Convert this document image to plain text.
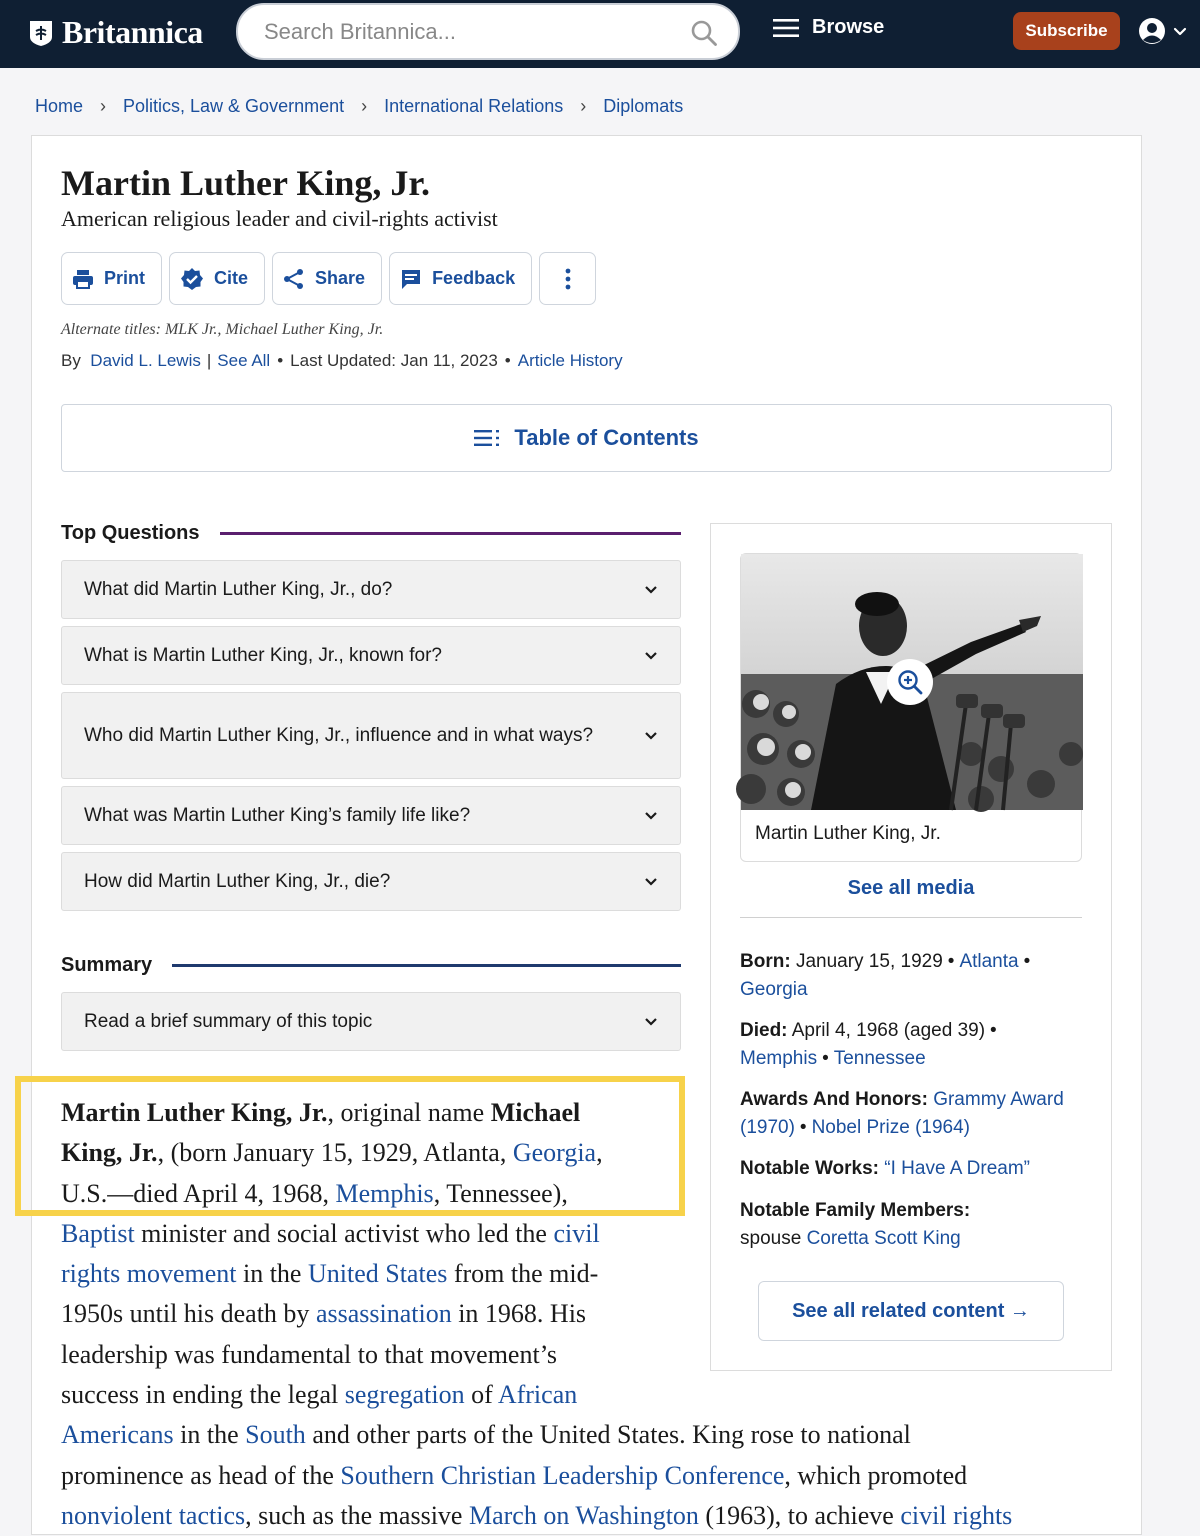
Britannica
Search Britannica...	Browse	Subscribe
Home › Politics, Law & Government › International Relations › Diplomats
Martin Luther King, Jr.
American religious leader and civil-rights activist
Print	Cite	Share	Feedback
Alternate titles: MLK Jr., Michael Luther King, Jr.
By
David L. Lewis | See All • Last Updated: Jan 11, 2023 • Article History
Table of Contents
Top Questions
What did Martin Luther King, Jr., do?
What is Martin Luther King, Jr., known for?
Who did Martin Luther King, Jr., influence and in what ways?
What was Martin Luther King’s family life like?
How did Martin Luther King, Jr., die?
Summary
Read a brief summary of this topic
Martin Luther King, Jr., original name Michael
King, Jr., (born January 15, 1929, Atlanta, Georgia,
U.S.—died April 4, 1968, Memphis, Tennessee),
Baptist minister and social activist who led the civil
rights movement in the United States from the mid-
1950s until his death by assassination in 1968. His
leadership was fundamental to that movement’s
success in ending the legal segregation of African
Americans in the South and other parts of the United States. King rose to national
prominence as head of the Southern Christian Leadership Conference, which promoted
nonviolent tactics, such as the massive March on Washington (1963), to achieve civil rights
Martin Luther King, Jr.
See all media
Born: January 15, 1929 • Atlanta •
Georgia
Died: April 4, 1968 (aged 39) •
Memphis • Tennessee
Awards And Honors: Grammy Award (1970) • Nobel Prize (1964)
Notable Works: “I Have A Dream”
Notable Family Members:
spouse Coretta Scott King
See all related content →
